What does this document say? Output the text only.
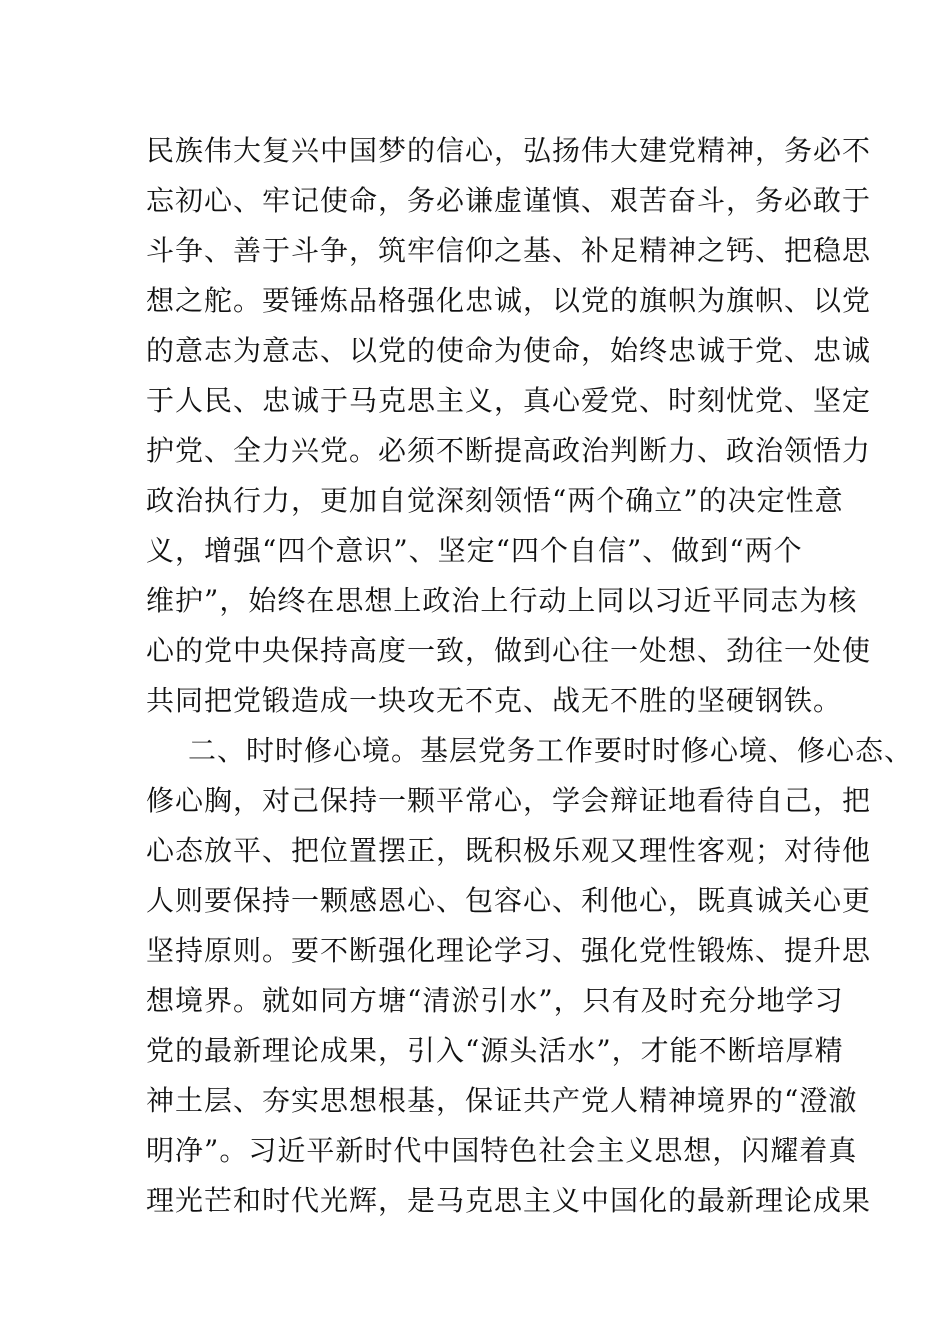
民族伟大复兴中国梦的信心，弘扬伟大建党精神，务必不
忘初心、牢记使命，务必谦虚谨慎、艰苦奋斗，务必敢于
斗争、善于斗争，筑牢信仰之基、补足精神之钙、把稳思
想之舵。要锤炼品格强化忠诚，以党的旗帜为旗帜、以党
的意志为意志、以党的使命为使命，始终忠诚于党、忠诚
于人民、忠诚于马克思主义，真心爱党、时刻忧党、坚定
护党、全力兴党。必须不断提高政治判断力、政治领悟力
政治执行力，更加自觉深刻领悟“两个确立”的决定性意
义，增强“四个意识”、坚定“四个自信”、做到“两个
维护”，始终在思想上政治上行动上同以习近平同志为核
心的党中央保持高度一致，做到心往一处想、劲往一处使
共同把党锻造成一块攻无不克、战无不胜的坚硬钢铁。
二、时时修心境。基层党务工作要时时修心境、修心态、
修心胸，对己保持一颗平常心，学会辩证地看待自己，把
心态放平、把位置摆正，既积极乐观又理性客观；对待他
人则要保持一颗感恩心、包容心、利他心，既真诚关心更
坚持原则。要不断强化理论学习、强化党性锻炼、提升思
想境界。就如同方塘“清淤引水”，只有及时充分地学习
党的最新理论成果，引入“源头活水”，才能不断培厚精
神土层、夯实思想根基，保证共产党人精神境界的“澄澈
明净”。习近平新时代中国特色社会主义思想，闪耀着真
理光芒和时代光辉，是马克思主义中国化的最新理论成果
